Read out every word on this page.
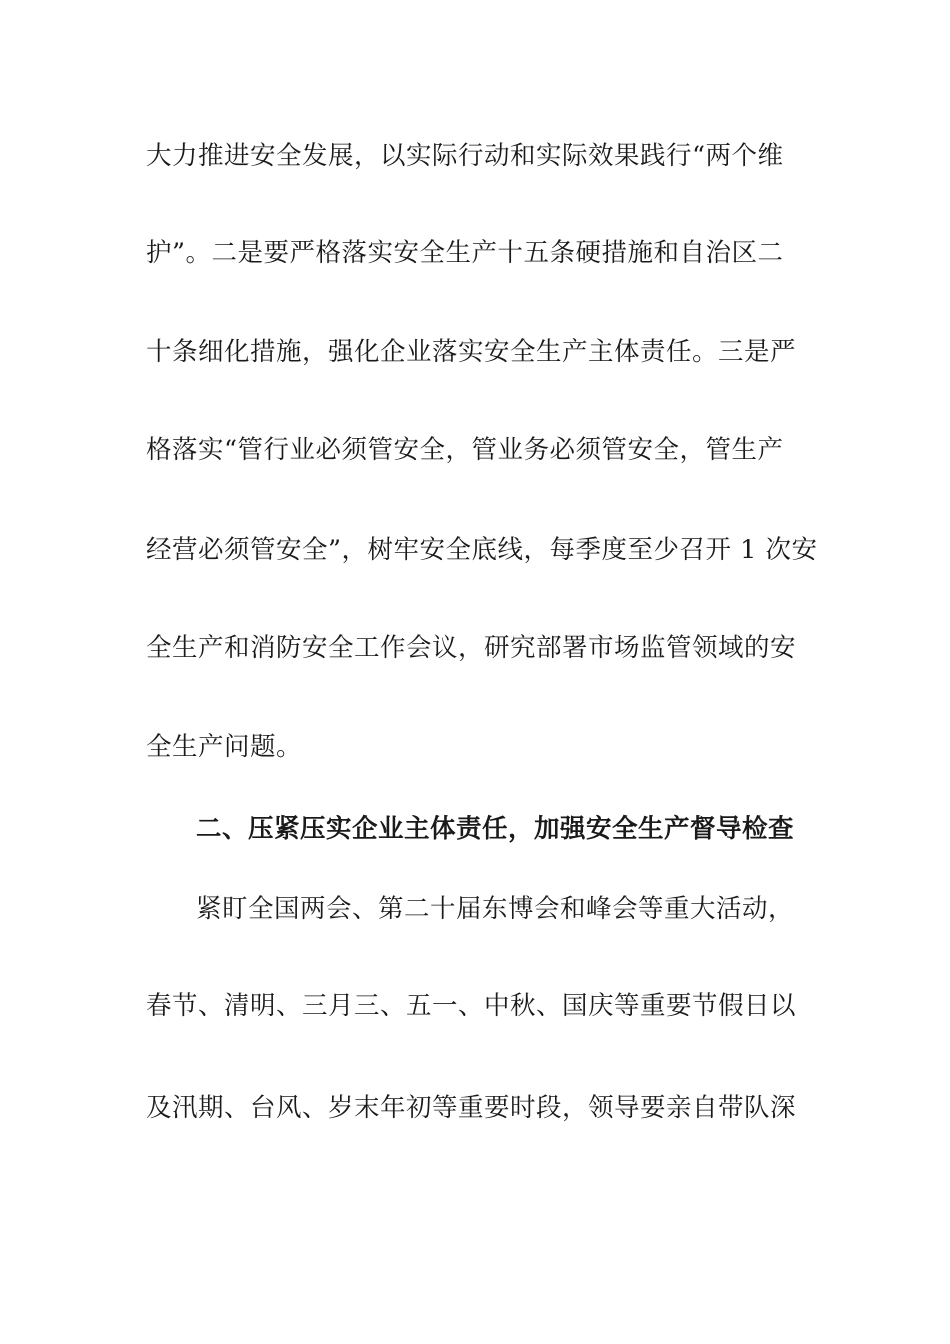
大力推进安全发展，以实际行动和实际效果践行“两个维
护”。二是要严格落实安全生产十五条硬措施和自治区二
十条细化措施，强化企业落实安全生产主体责任。三是严
格落实“管行业必须管安全，管业务必须管安全，管生产
经营必须管安全”，树牢安全底线，每季度至少召开 1 次安
全生产和消防安全工作会议，研究部署市场监管领域的安
全生产问题。
二、压紧压实企业主体责任，加强安全生产督导检查
紧盯全国两会、第二十届东博会和峰会等重大活动，
春节、清明、三月三、五一、中秋、国庆等重要节假日以
及汛期、台风、岁末年初等重要时段，领导要亲自带队深
